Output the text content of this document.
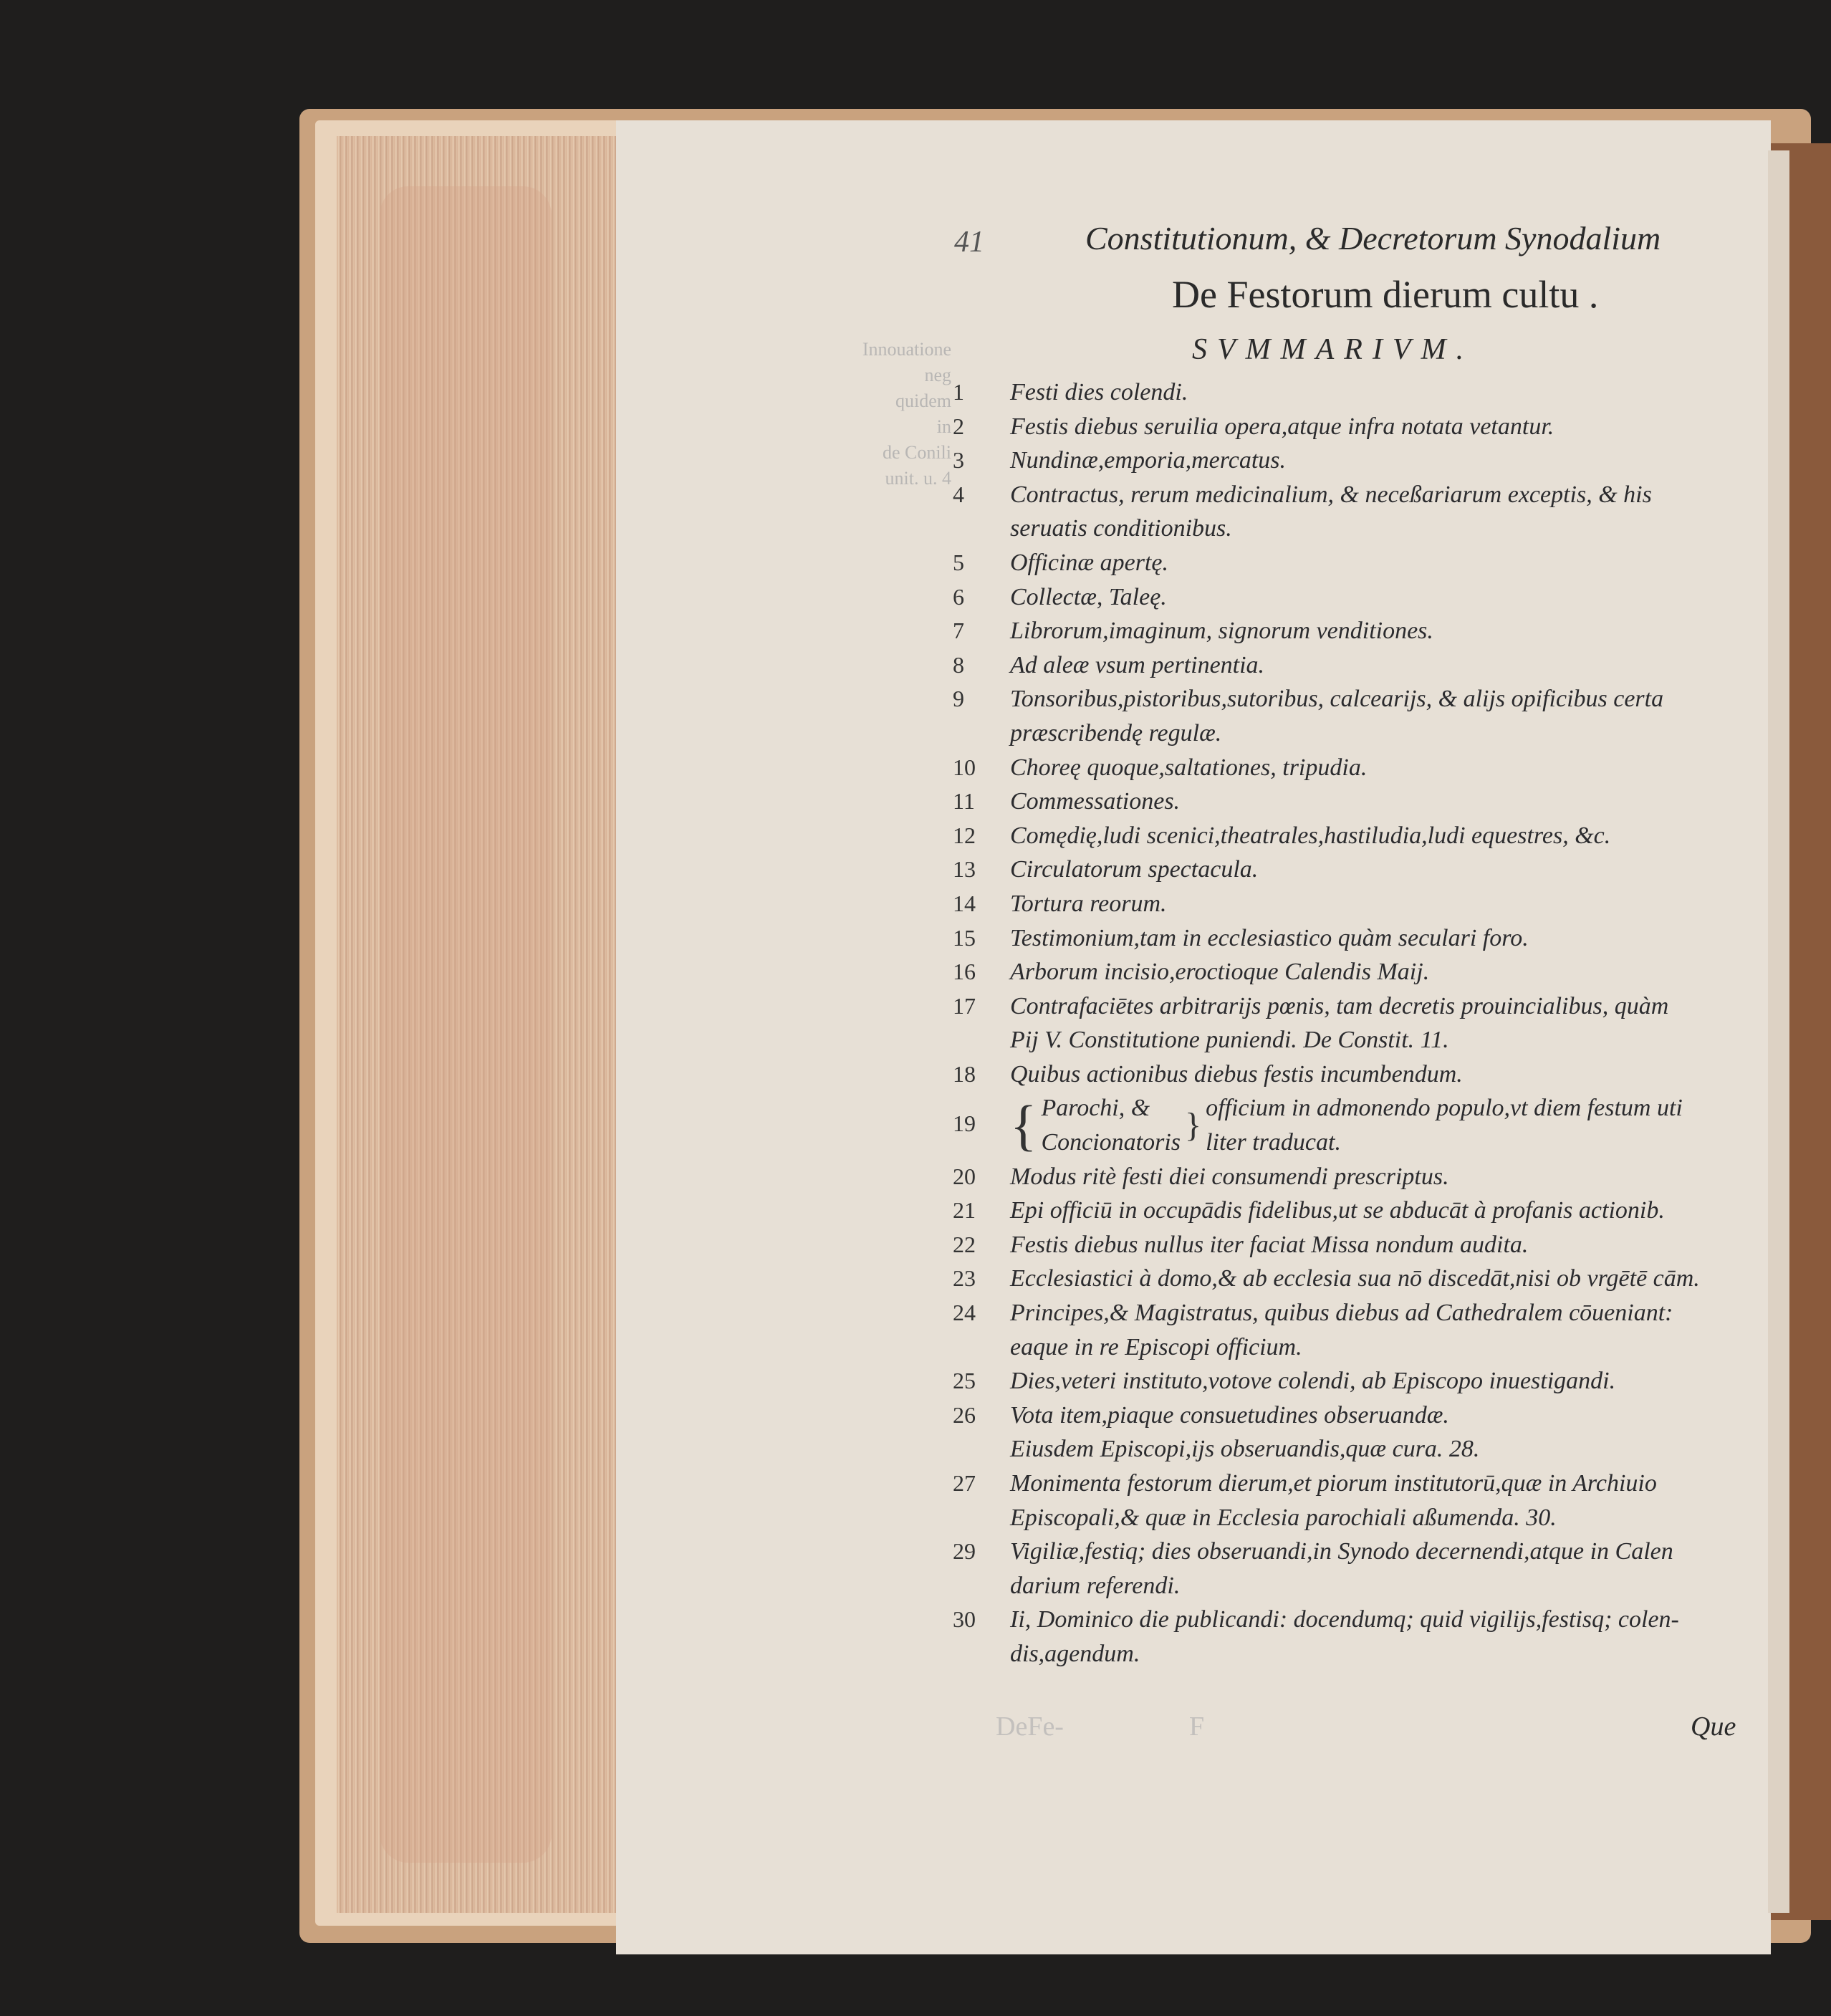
Innouatione
neg
quidem
in
de Conili
unit. u. 4
41	Constitutionum, & Decretorum Synodalium
De Festorum dierum cultu .
SVMMARIVM.
1	Festi dies colendi.
2	Festis diebus seruilia opera,atque infra notata vetantur.
3	Nundinæ,emporia,mercatus.
4	Contractus, rerum medicinalium, & neceßariarum exceptis, & his
seruatis conditionibus.
5	Officinæ apertę.
6	Collectæ, Taleę.
7	Librorum,imaginum, signorum venditiones.
8	Ad aleæ vsum pertinentia.
9	Tonsoribus,pistoribus,sutoribus, calcearijs, & alijs opificibus certa
præscribendę regulæ.
10	Choreę quoque,saltationes, tripudia.
11	Commessationes.
12	Comędię,ludi scenici,theatrales,hastiludia,ludi equestres, &c.
13	Circulatorum spectacula.
14	Tortura reorum.
15	Testimonium,tam in ecclesiastico quàm seculari foro.
16	Arborum incisio,eroctioque Calendis Maij.
17	Contrafaciētes arbitrarijs pœnis, tam decretis prouincialibus, quàm
Pij V. Constitutione puniendi. De Constit. 11.
18	Quibus actionibus diebus festis incumbendum.
19 { Parochi, &
Concionatoris } officium in admonendo populo,vt diem festum uti
liter traducat.
20	Modus ritè festi diei consumendi prescriptus.
21	Epi officiū in occupādis fidelibus,ut se abducāt à profanis actionib.
22	Festis diebus nullus iter faciat Missa nondum audita.
23	Ecclesiastici à domo,& ab ecclesia sua nō discedāt,nisi ob vrgētē cām.
24	Principes,& Magistratus, quibus diebus ad Cathedralem cōueniant:
eaque in re Episcopi officium.
25	Dies,veteri instituto,votove colendi, ab Episcopo inuestigandi.
26	Vota item,piaque consuetudines obseruandæ.
Eiusdem Episcopi,ijs obseruandis,quæ cura. 28.
27	Monimenta festorum dierum,et piorum institutorū,quæ in Archiuio
Episcopali,& quæ in Ecclesia parochiali aßumenda. 30.
29	Vigiliæ,festiq; dies obseruandi,in Synodo decernendi,atque in Calen
darium referendi.
30	Ii, Dominico die publicandi: docendumq; quid vigilijs,festisq; colen-
dis,agendum.
DeFe-	F	Que
